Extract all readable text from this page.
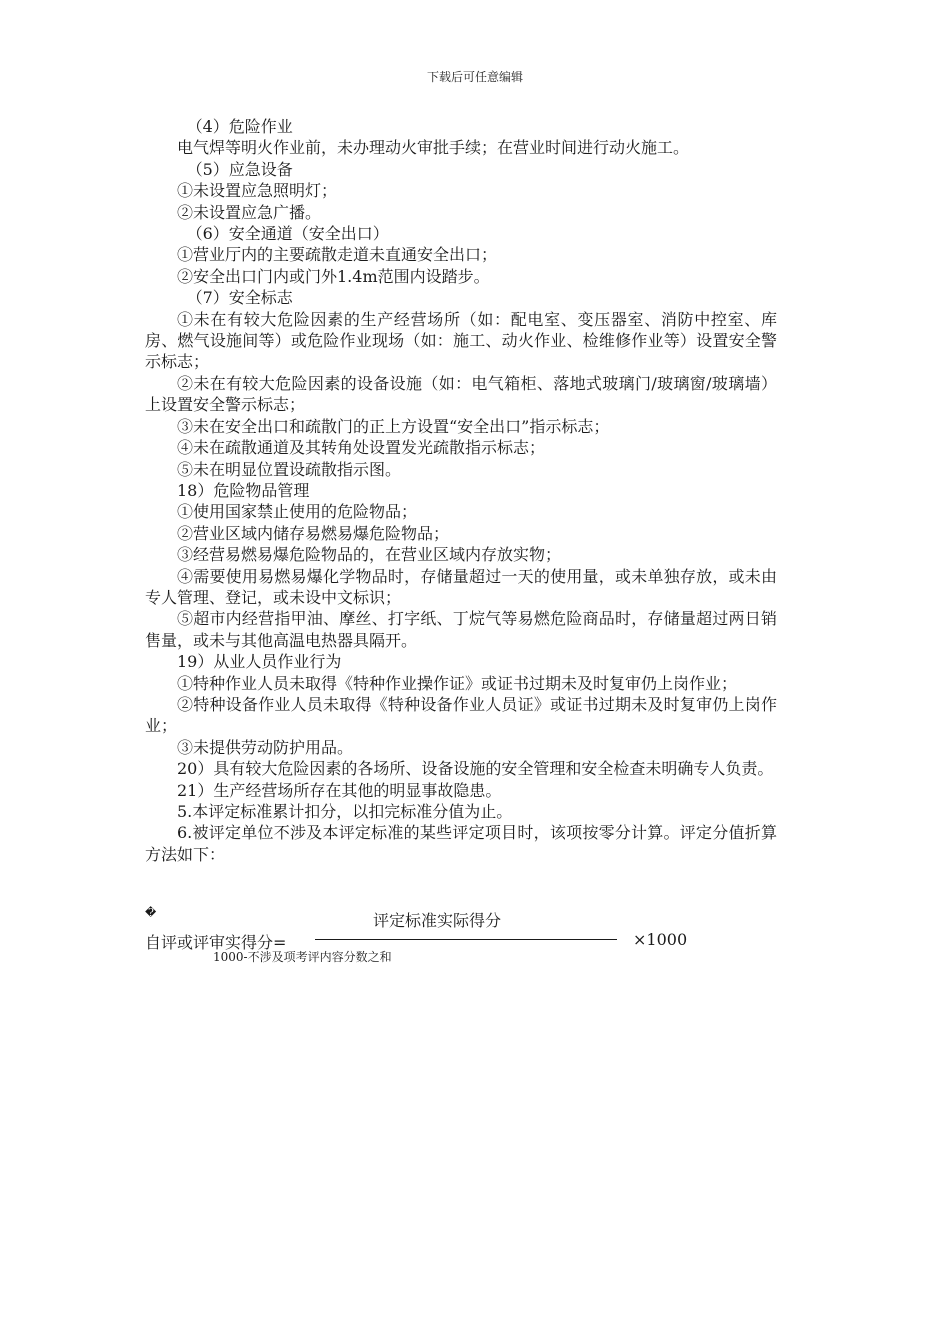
下载后可任意编辑

（4）危险作业

电气焊等明火作业前，未办理动火审批手续；在营业时间进行动火施工。

（5）应急设备

①未设置应急照明灯；

②未设置应急广播。

（6）安全通道（安全出口）

①营业厅内的主要疏散走道未直通安全出口；

②安全出口门内或门外1.4m范围内设踏步。

（7）安全标志

①未在有较大危险因素的生产经营场所（如：配电室、变压器室、消防中控室、库房、燃气设施间等）或危险作业现场（如：施工、动火作业、检维修作业等）设置安全警示标志；

②未在有较大危险因素的设备设施（如：电气箱柜、落地式玻璃门/玻璃窗/玻璃墙）上设置安全警示标志；

③未在安全出口和疏散门的正上方设置“安全出口”指示标志；

④未在疏散通道及其转角处设置发光疏散指示标志；

⑤未在明显位置设疏散指示图。

18）危险物品管理

①使用国家禁止使用的危险物品；

②营业区域内储存易燃易爆危险物品；

③经营易燃易爆危险物品的，在营业区域内存放实物；

④需要使用易燃易爆化学物品时，存储量超过一天的使用量，或未单独存放，或未由专人管理、登记，或未设中文标识；

⑤超市内经营指甲油、摩丝、打字纸、丁烷气等易燃危险商品时，存储量超过两日销售量，或未与其他高温电热器具隔开。

19）从业人员作业行为

①特种作业人员未取得《特种作业操作证》或证书过期未及时复审仍上岗作业；

②特种设备作业人员未取得《特种设备作业人员证》或证书过期未及时复审仍上岗作业；

③未提供劳动防护用品。

20）具有较大危险因素的各场所、设备设施的安全管理和安全检查未明确专人负责。

21）生产经营场所存在其他的明显事故隐患。

5.本评定标准累计扣分，以扣完标准分值为止。

6.被评定单位不涉及本评定标准的某些评定项目时，该项按零分计算。评定分值折算方法如下：

�	评定标准实际得分
自评或评审实得分=	×1000
1000-不涉及项考评内容分数之和
